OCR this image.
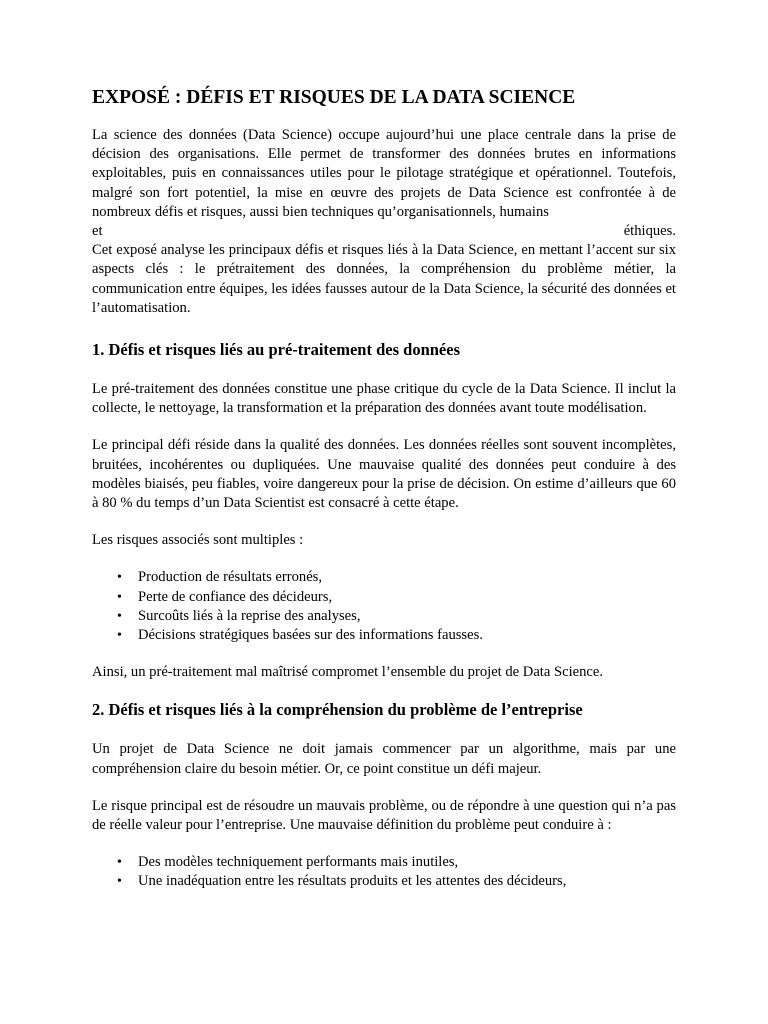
EXPOSÉ : DÉFIS ET RISQUES DE LA DATA SCIENCE

La science des données (Data Science) occupe aujourd’hui une place centrale dans la prise de décision des organisations. Elle permet de transformer des données brutes en informations exploitables, puis en connaissances utiles pour le pilotage stratégique et opérationnel. Toutefois, malgré son fort potentiel, la mise en œuvre des projets de Data Science est confrontée à de nombreux défis et risques, aussi bien techniques qu’organisationnels, humains

et	éthiques.

Cet exposé analyse les principaux défis et risques liés à la Data Science, en mettant l’accent sur six aspects clés : le prétraitement des données, la compréhension du problème métier, la communication entre équipes, les idées fausses autour de la Data Science, la sécurité des données et l’automatisation.

1. Défis et risques liés au pré-traitement des données

Le pré-traitement des données constitue une phase critique du cycle de la Data Science. Il inclut la collecte, le nettoyage, la transformation et la préparation des données avant toute modélisation.

Le principal défi réside dans la qualité des données. Les données réelles sont souvent incomplètes, bruitées, incohérentes ou dupliquées. Une mauvaise qualité des données peut conduire à des modèles biaisés, peu fiables, voire dangereux pour la prise de décision. On estime d’ailleurs que 60 à 80 % du temps d’un Data Scientist est consacré à cette étape.

Les risques associés sont multiples :

• Production de résultats erronés,
• Perte de confiance des décideurs,
• Surcoûts liés à la reprise des analyses,
• Décisions stratégiques basées sur des informations fausses.

Ainsi, un pré-traitement mal maîtrisé compromet l’ensemble du projet de Data Science.

2. Défis et risques liés à la compréhension du problème de l’entreprise

Un projet de Data Science ne doit jamais commencer par un algorithme, mais par une compréhension claire du besoin métier. Or, ce point constitue un défi majeur.

Le risque principal est de résoudre un mauvais problème, ou de répondre à une question qui n’a pas de réelle valeur pour l’entreprise. Une mauvaise définition du problème peut conduire à :

• Des modèles techniquement performants mais inutiles,
• Une inadéquation entre les résultats produits et les attentes des décideurs,
